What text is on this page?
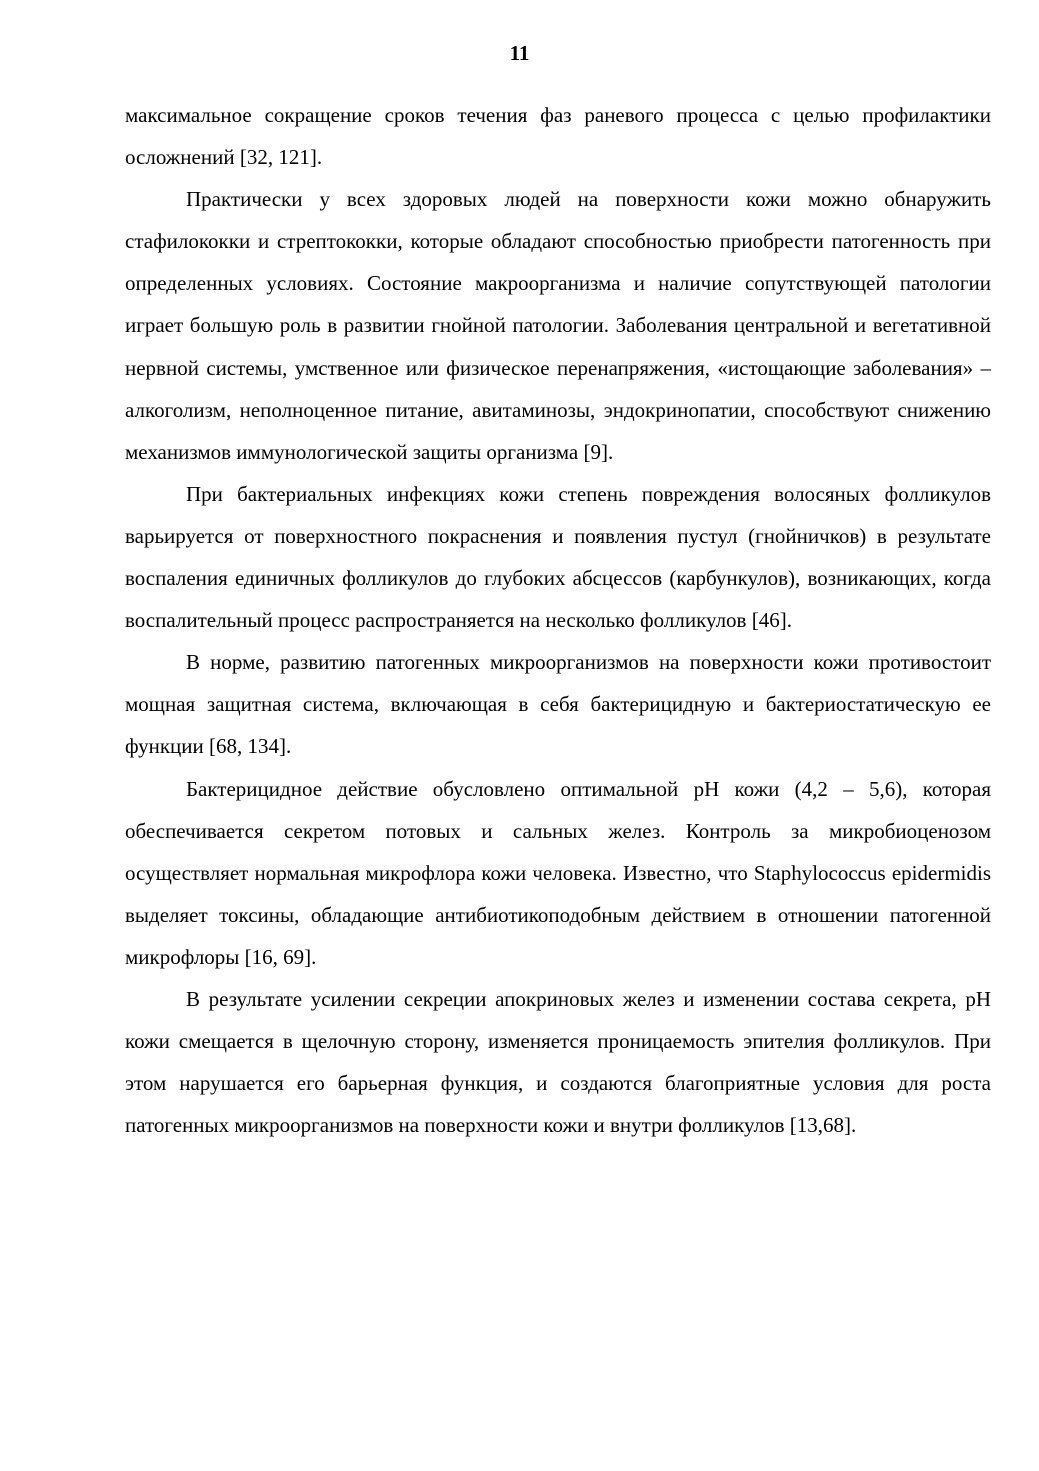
11

максимальное сокращение сроков течения фаз раневого процесса с целью профилактики осложнений [32, 121].

Практически у всех здоровых людей на поверхности кожи можно обнаружить стафилококки и стрептококки, которые обладают способностью приобрести патогенность при определенных условиях. Состояние макроорганизма и наличие сопутствующей патологии играет большую роль в развитии гнойной патологии. Заболевания центральной и вегетативной нервной системы, умственное или физическое перенапряжения, «истощающие заболевания» – алкоголизм, неполноценное питание, авитаминозы, эндокринопатии, способствуют снижению механизмов иммунологической защиты организма [9].

При бактериальных инфекциях кожи степень повреждения волосяных фолликулов варьируется от поверхностного покраснения и появления пустул (гнойничков) в результате воспаления единичных фолликулов до глубоких абсцессов (карбункулов), возникающих, когда воспалительный процесс распространяется на несколько фолликулов [46].

В норме, развитию патогенных микроорганизмов на поверхности кожи противостоит мощная защитная система, включающая в себя бактерицидную и бактериостатическую ее функции [68, 134].

Бактерицидное действие обусловлено оптимальной pH кожи (4,2 – 5,6), которая обеспечивается секретом потовых и сальных желез. Контроль за микробиоценозом осуществляет нормальная микрофлора кожи человека. Известно, что Staphylococcus epidermidis выделяет токсины, обладающие антибиотикоподобным действием в отношении патогенной микрофлоры [16, 69].

В результате усилении секреции апокриновых желез и изменении состава секрета, pH кожи смещается в щелочную сторону, изменяется проницаемость эпителия фолликулов. При этом нарушается его барьерная функция, и создаются благоприятные условия для роста патогенных микроорганизмов на поверхности кожи и внутри фолликулов [13,68].
